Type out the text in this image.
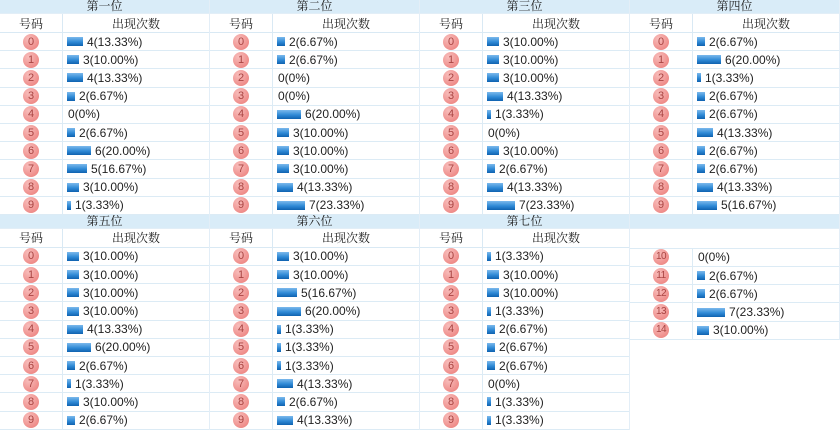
第一位
号码	出现次数
0	4(13.33%)
1	3(10.00%)
2	4(13.33%)
3	2(6.67%)
4	0(0%)
5	2(6.67%)
6	6(20.00%)
7	5(16.67%)
8	3(10.00%)
9	1(3.33%)
第二位
号码	出现次数
0	2(6.67%)
1	2(6.67%)
2	0(0%)
3	0(0%)
4	6(20.00%)
5	3(10.00%)
6	3(10.00%)
7	3(10.00%)
8	4(13.33%)
9	7(23.33%)
第三位
号码	出现次数
0	3(10.00%)
1	3(10.00%)
2	3(10.00%)
3	4(13.33%)
4	1(3.33%)
5	0(0%)
6	3(10.00%)
7	2(6.67%)
8	4(13.33%)
9	7(23.33%)
第四位
号码	出现次数
0	2(6.67%)
1	6(20.00%)
2	1(3.33%)
3	2(6.67%)
4	2(6.67%)
5	4(13.33%)
6	2(6.67%)
7	2(6.67%)
8	4(13.33%)
9	5(16.67%)
第五位
号码	出现次数
0	3(10.00%)
1	3(10.00%)
2	3(10.00%)
3	3(10.00%)
4	4(13.33%)
5	6(20.00%)
6	2(6.67%)
7	1(3.33%)
8	3(10.00%)
9	2(6.67%)
第六位
号码	出现次数
0	3(10.00%)
1	3(10.00%)
2	5(16.67%)
3	6(20.00%)
4	1(3.33%)
5	1(3.33%)
6	1(3.33%)
7	4(13.33%)
8	2(6.67%)
9	4(13.33%)
第七位
号码	出现次数
0	1(3.33%)
1	3(10.00%)
2	3(10.00%)
3	1(3.33%)
4	2(6.67%)
5	2(6.67%)
6	2(6.67%)
7	0(0%)
8	1(3.33%)
9	1(3.33%)
10	0(0%)
11	2(6.67%)
12	2(6.67%)
13	7(23.33%)
14	3(10.00%)
